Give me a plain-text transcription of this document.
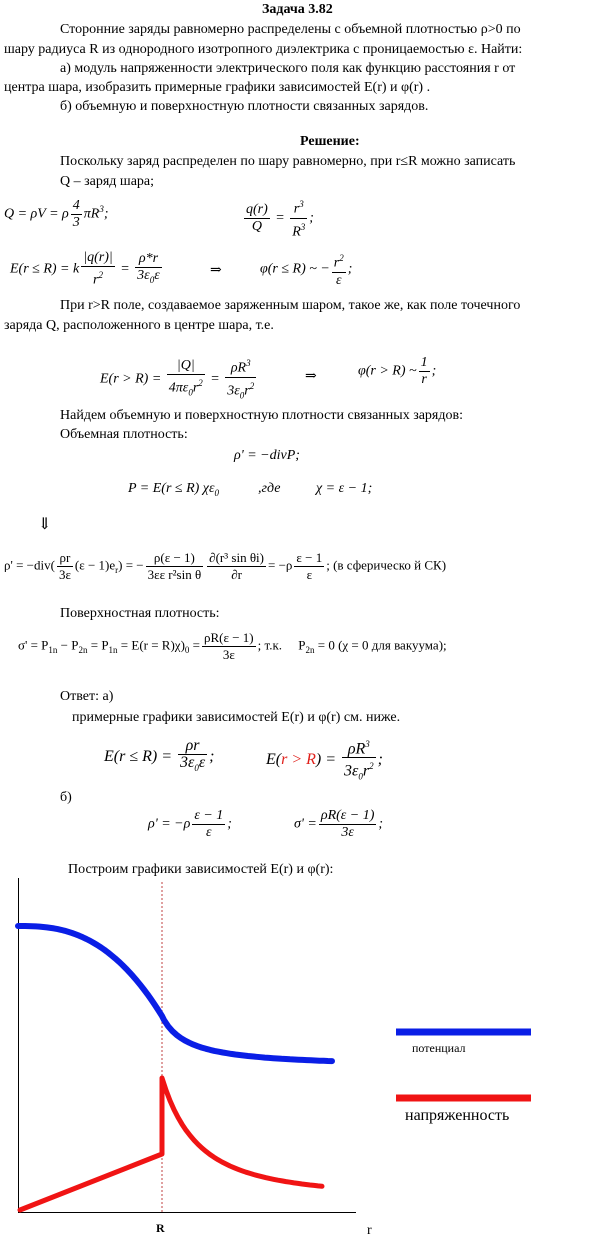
Задача 3.82
Сторонние заряды равномерно распределены с объемной плотностью ρ>0 по
шару радиуса R из однородного изотропного диэлектрика с проницаемостью ε. Найти:
а) модуль напряженности электрического поля как функцию расстояния r от
центра шара, изобразить примерные графики зависимостей E(r) и φ(r) .
б) объемную и поверхностную плотности связанных зарядов.
Решение:
Поскольку заряд распределен по шару равномерно, при r≤R можно записать
Q – заряд шара;
Q = ρV = ρ $\frac{4}{3} \pi R^3$;	$\frac{q(r)}{Q} = \frac{r^3}{R^3}$ ;
E(r ≤ R) = k $\frac{|q(r)|}{r^2} = \frac{\rho*r}{3\varepsilon_0\varepsilon}$	⇒	φ(r ≤ R) ~ − $\frac{r^2}{\varepsilon}$ ;
При r>R поле, создаваемое заряженным шаром, такое же, как поле точечного
заряда Q, расположенного в центре шара, т.е.
$E(r > R) = \frac{|Q|}{4\pi\varepsilon_0r^2} = \frac{\rho R^3}{3\varepsilon_0r^2}$	⇒	φ(r > R) ~ $\frac{1}{r}$ ;
Найдем объемную и поверхностную плотности связанных зарядов:
Объемная плотность:
ρ' = −divP;
P = E(r ≤ R) $\chi\varepsilon_0$	,где	χ = ε − 1;
⇓
$\rho' = -div( \frac{\rho r}{3\varepsilon} (\varepsilon - 1)e_r)$ = − $\frac{\rho(\varepsilon - 1)}{\text{3εε r²sin θ}} \frac{\text{∂(r³ sin θi)}}{\partial r} = -\rho \frac{\varepsilon - 1}{\varepsilon}$ ; (в сферическо й СК)
Поверхностная плотность:
$\sigma' = P_{1n} - P_{2n} = P_{1n} = E(r = R)\chi)_0 = \frac{\rho R(\varepsilon - 1)}{3\varepsilon}$ ; т.к. $P_{2n} = 0$ (χ = 0 для вакуума);
Ответ: а)
примерные графики зависимостей E(r) и φ(r) см. ниже.
$E(r \le R) = \frac{\rho r}{3\varepsilon_0\varepsilon}$ ;	$E(r > R) = \frac{\rho R^3}{3\varepsilon_0r^2}$ ;
б)
$\rho' = -\rho \frac{\varepsilon - 1}{\varepsilon}$ ;	$\sigma' = \frac{\rho R(\varepsilon - 1)}{3\varepsilon}$ ;
Построим графики зависимостей E(r) и φ(r):
R	r
потенциал
напряженность
